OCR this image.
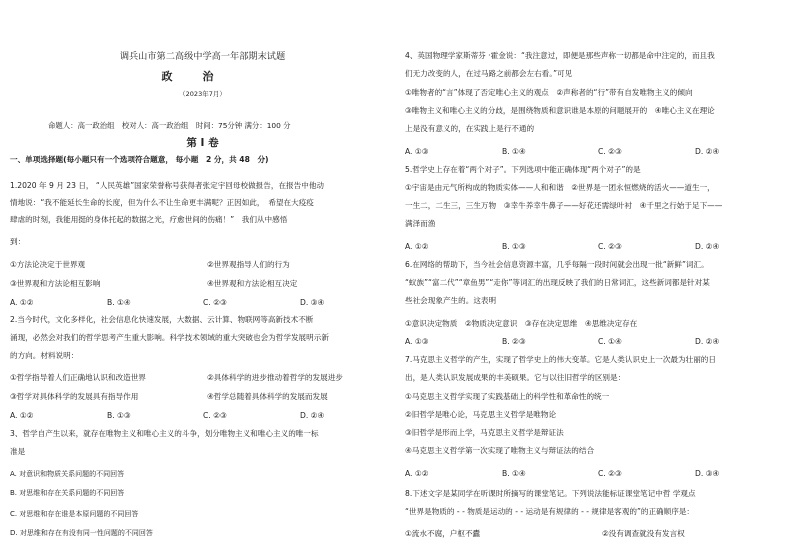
调兵山市第二高级中学高一年部期末试题
政治
（2023年7月）
命题人：高一政治组　校对人：高一政治组　时间：75分钟 满分：100 分
第 I 卷
一、单项选择题(每小题只有一个选项符合题意， 每小题　2 分，共 48　分)
1.2020 年 9 月 23 日， “人民英雄”国家荣誉称号获得者张定宇回母校做报告，在报告中他动
情地说：“我不能延长生命的长度，但为什么不让生命更丰满呢？正因如此，　希望在大疫疫
肆虐的时刻，我能用挺的身体托起的数据之光，疗愈世间的伤痛！”　我们从中感悟
到：
①方法论决定于世界观	②世界观指导人们的行为
③世界观和方法论相互影响	④世界观和方法论相互决定
A. ①②	B. ①④	C. ②③	D. ③④
2.当今时代，文化多样化，社会信息化快速发展，大数据、云计算、物联网等高新技术不断
涌现，必然会对我们的哲学思考产生重大影响。科学技术领域的重大突破也会为哲学发展明示新
的方向。材料说明：
①哲学指导着人们正确地认识和改造世界	②具体科学的进步推动着哲学的发展进步
③哲学对具体科学的发展具有指导作用	④哲学总随着具体科学的发展而发展
A. ①②	B. ①③	C. ②③	D. ②④
3、哲学自产生以来，就存在唯物主义和唯心主义的斗争，划分唯物主义和唯心主义的唯一标
准是
A. 对意识和物质关系问题的不同回答
B. 对思维和存在关系问题的不同回答
C. 对思维和存在谁是本原问题的不同回答
D. 对思维和存在有没有同一性问题的不同回答
4、英国物理学家斯蒂芬 ·霍金说：“我注意过，即便是那些声称一切都是命中注定的，而且我
们无力改变的人，在过马路之前都会左右看。”可见
①唯物者的“言”体现了否定唯心主义的观点　②声称者的“行”带有自发唯物主义的倾向
③唯物主义和唯心主义的分歧，是围绕物质和意识谁是本原的问题展开的　④唯心主义在理论
上是没有意义的，在实践上是行不通的
A. ①③	B. ①④	C. ②③	D. ②④
5.哲学史上存在着“两个对子”。下列选项中能正确体现“两个对子”的是
①宇宙是由元气所构成的物质实体——人和和谐　②世界是一团永恒燃烧的活火——道生一，
一生二，二生三，三生万物　③幸牛养幸牛鼻子——好花还需绿叶衬　④千里之行始于足下——
满泽而渔
A. ①②	B. ①③	C. ②③	D. ②④
6.在网络的帮助下，当今社会信息资源丰富，几乎每隔一段时间就会出现一批“新鲜”词汇。
“蚁族”“富二代”“章鱼男”“走你”等词汇的出现反映了我们的日常词汇，这些新词都是针对某
些社会现象产生的。这表明
①意识决定物质　②物质决定意识　③存在决定思维　④思维决定存在
A. ①③	B. ②③	C. ①④	D. ②④
7.马克思主义哲学的产生，实现了哲学史上的伟大变革。它是人类认识史上一次最为壮丽的日
出，是人类认识发展成果的丰美硕果。它与以往旧哲学的区别是：
①马克思主义哲学实现了实践基础上的科学性和革命性的统一
②旧哲学是唯心论，马克思主义哲学是唯物论
③旧哲学是形而上学，马克思主义哲学是辩证法
④马克思主义哲学第一次实现了唯物主义与辩证法的结合
A. ①②	B. ①④	C. ②③	D. ③④
8.下述文字是某同学在听课时所摘写的课堂笔记。下列说法能标证课堂笔记中哲 学观点
“世界是物质的 - - 物质是运动的 - - 运动是有规律的 - - 规律是客观的”的正确顺序是：
①流水不腐，户枢不蠹	②没有调查就没有发言权
